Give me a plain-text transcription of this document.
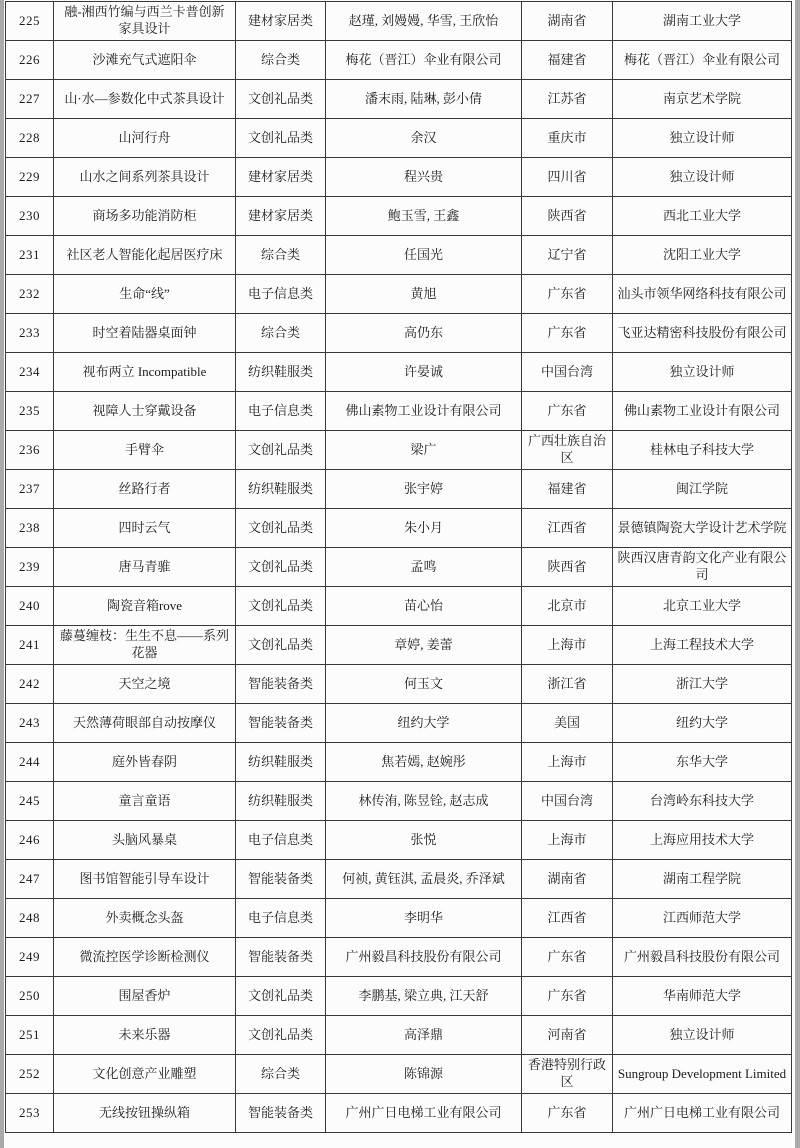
225	融-湘西竹编与西兰卡普创新家具设计	建材家居类	赵瑾, 刘嫚嫚, 华雪, 王欣怡	湖南省	湖南工业大学
226	沙滩充气式遮阳伞	综合类	梅花（晋江）伞业有限公司	福建省	梅花（晋江）伞业有限公司
227	山·水—参数化中式茶具设计	文创礼品类	潘末雨, 陆琳, 彭小倩	江苏省	南京艺术学院
228	山河行舟	文创礼品类	余汉	重庆市	独立设计师
229	山水之间系列茶具设计	建材家居类	程兴贵	四川省	独立设计师
230	商场多功能消防柜	建材家居类	鲍玉雪, 王鑫	陕西省	西北工业大学
231	社区老人智能化起居医疗床	综合类	任国光	辽宁省	沈阳工业大学
232	生命“线”	电子信息类	黄旭	广东省	汕头市领华网络科技有限公司
233	时空着陆器桌面钟	综合类	高仍东	广东省	飞亚达精密科技股份有限公司
234	视布两立 Incompatible	纺织鞋服类	许晏诚	中国台湾	独立设计师
235	视障人士穿戴设备	电子信息类	佛山素物工业设计有限公司	广东省	佛山素物工业设计有限公司
236	手臂伞	文创礼品类	梁广	广西壮族自治区	桂林电子科技大学
237	丝路行者	纺织鞋服类	张宇婷	福建省	闽江学院
238	四时云气	文创礼品类	朱小月	江西省	景德镇陶瓷大学设计艺术学院
239	唐马青骓	文创礼品类	孟鸣	陕西省	陕西汉唐青韵文化产业有限公司
240	陶瓷音箱rove	文创礼品类	苗心怡	北京市	北京工业大学
241	藤蔓缠枝：生生不息——系列花器	文创礼品类	章婷, 姜蕾	上海市	上海工程技术大学
242	天空之境	智能装备类	何玉文	浙江省	浙江大学
243	天然薄荷眼部自动按摩仪	智能装备类	纽约大学	美国	纽约大学
244	庭外皆春阴	纺织鞋服类	焦若嫣, 赵婉彤	上海市	东华大学
245	童言童语	纺织鞋服类	林传洧, 陈昱铨, 赵志成	中国台湾	台湾岭东科技大学
246	头脑风暴桌	电子信息类	张悦	上海市	上海应用技术大学
247	图书馆智能引导车设计	智能装备类	何祯, 黄钰淇, 孟晨炎, 乔泽斌	湖南省	湖南工程学院
248	外卖概念头盔	电子信息类	李明华	江西省	江西师范大学
249	微流控医学诊断检测仪	智能装备类	广州毅昌科技股份有限公司	广东省	广州毅昌科技股份有限公司
250	围屋香炉	文创礼品类	李鹏基, 梁立典, 江天舒	广东省	华南师范大学
251	未来乐器	文创礼品类	高泽鼎	河南省	独立设计师
252	文化创意产业雕塑	综合类	陈锦源	香港特别行政区	Sungroup Development Limited
253	无线按钮操纵箱	智能装备类	广州广日电梯工业有限公司	广东省	广州广日电梯工业有限公司
